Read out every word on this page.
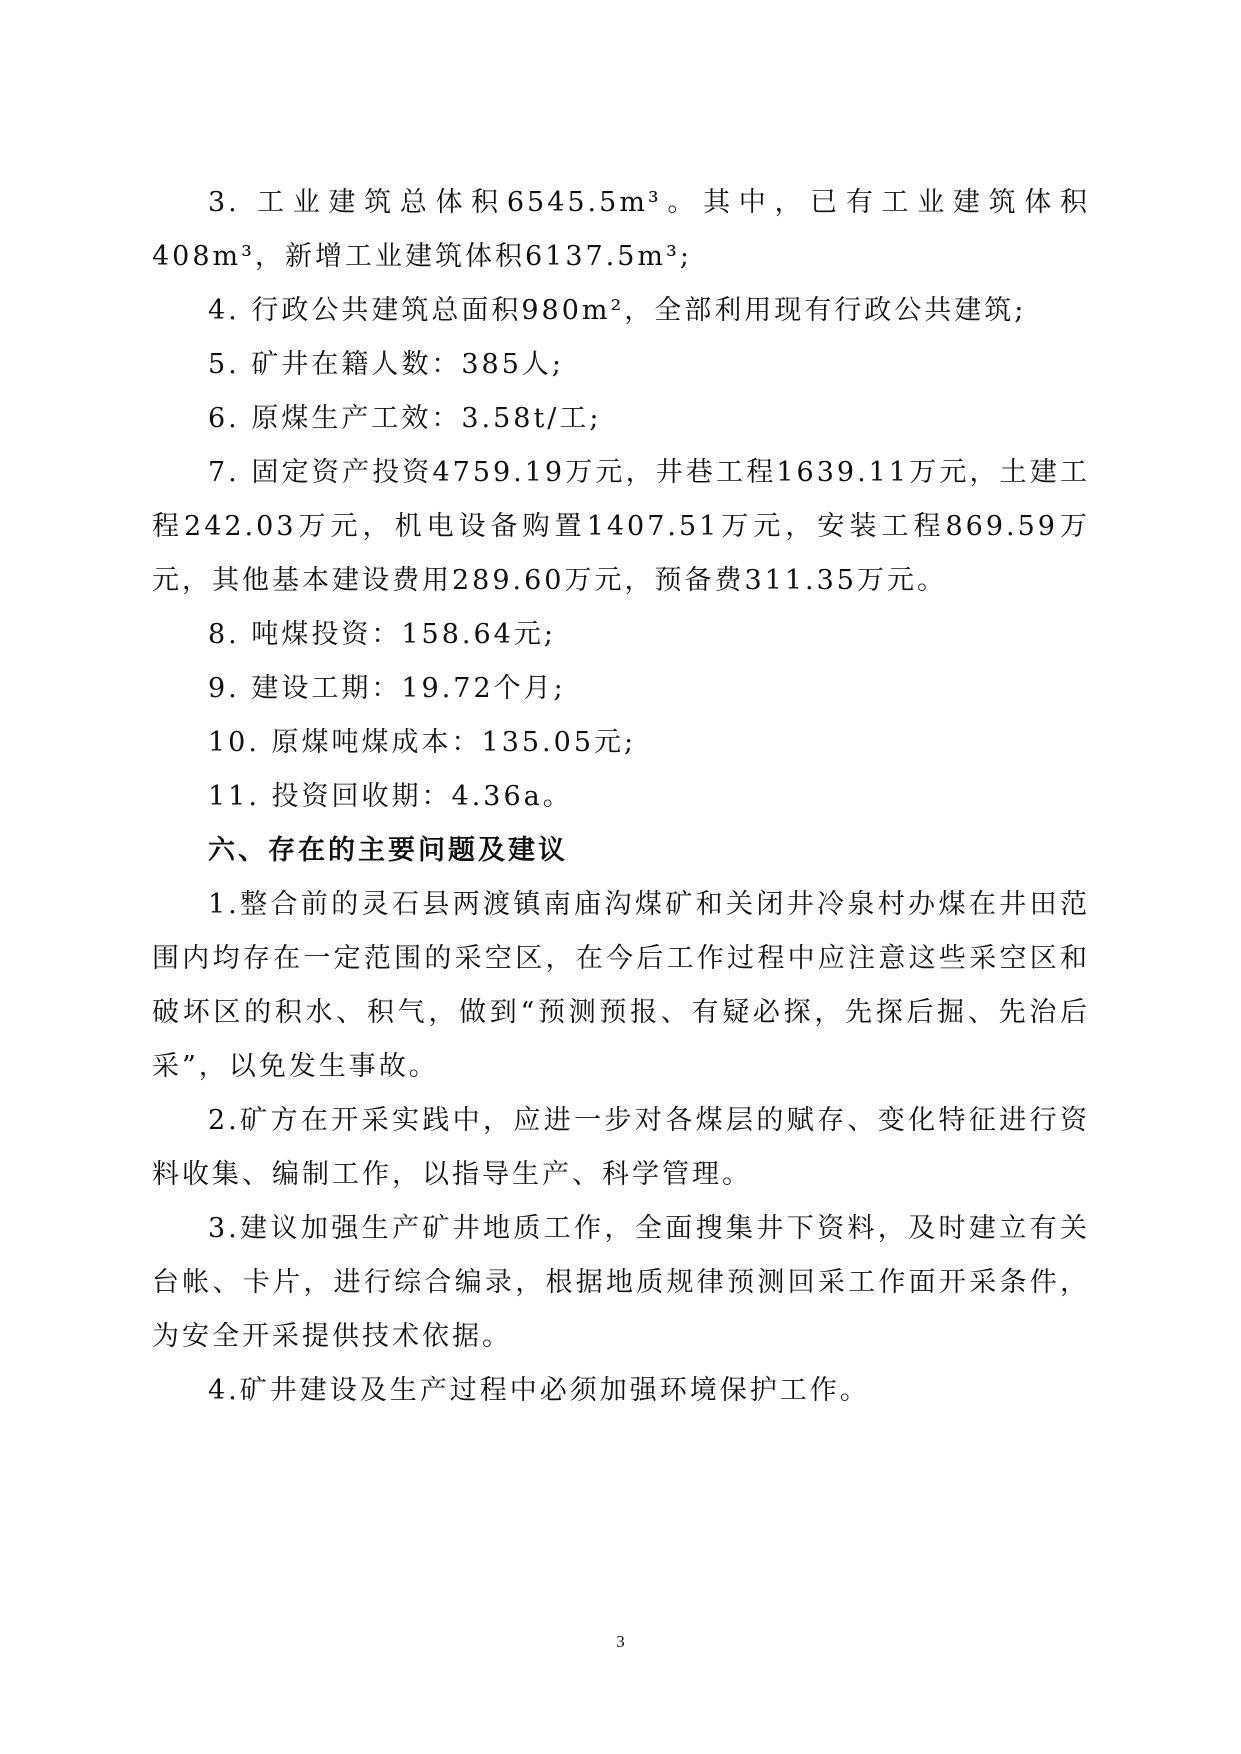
3. 工业建筑总体积6545.5m³。其中，已有工业建筑体积408m³，新增工业建筑体积6137.5m³;

4. 行政公共建筑总面积980m²，全部利用现有行政公共建筑;

5. 矿井在籍人数：385人;

6. 原煤生产工效：3.58t/工;

7. 固定资产投资4759.19万元，井巷工程1639.11万元，土建工程242.03万元，机电设备购置1407.51万元，安装工程869.59万元，其他基本建设费用289.60万元，预备费311.35万元。

8. 吨煤投资：158.64元;

9. 建设工期：19.72个月;

10. 原煤吨煤成本：135.05元;

11. 投资回收期：4.36a。

六、存在的主要问题及建议

1.整合前的灵石县两渡镇南庙沟煤矿和关闭井冷泉村办煤在井田范围内均存在一定范围的采空区，在今后工作过程中应注意这些采空区和破坏区的积水、积气，做到“预测预报、有疑必探，先探后掘、先治后采”，以免发生事故。

2.矿方在开采实践中，应进一步对各煤层的赋存、变化特征进行资料收集、编制工作，以指导生产、科学管理。

3.建议加强生产矿井地质工作，全面搜集井下资料，及时建立有关台帐、卡片，进行综合编录，根据地质规律预测回采工作面开采条件，为安全开采提供技术依据。

4.矿井建设及生产过程中必须加强环境保护工作。

3
